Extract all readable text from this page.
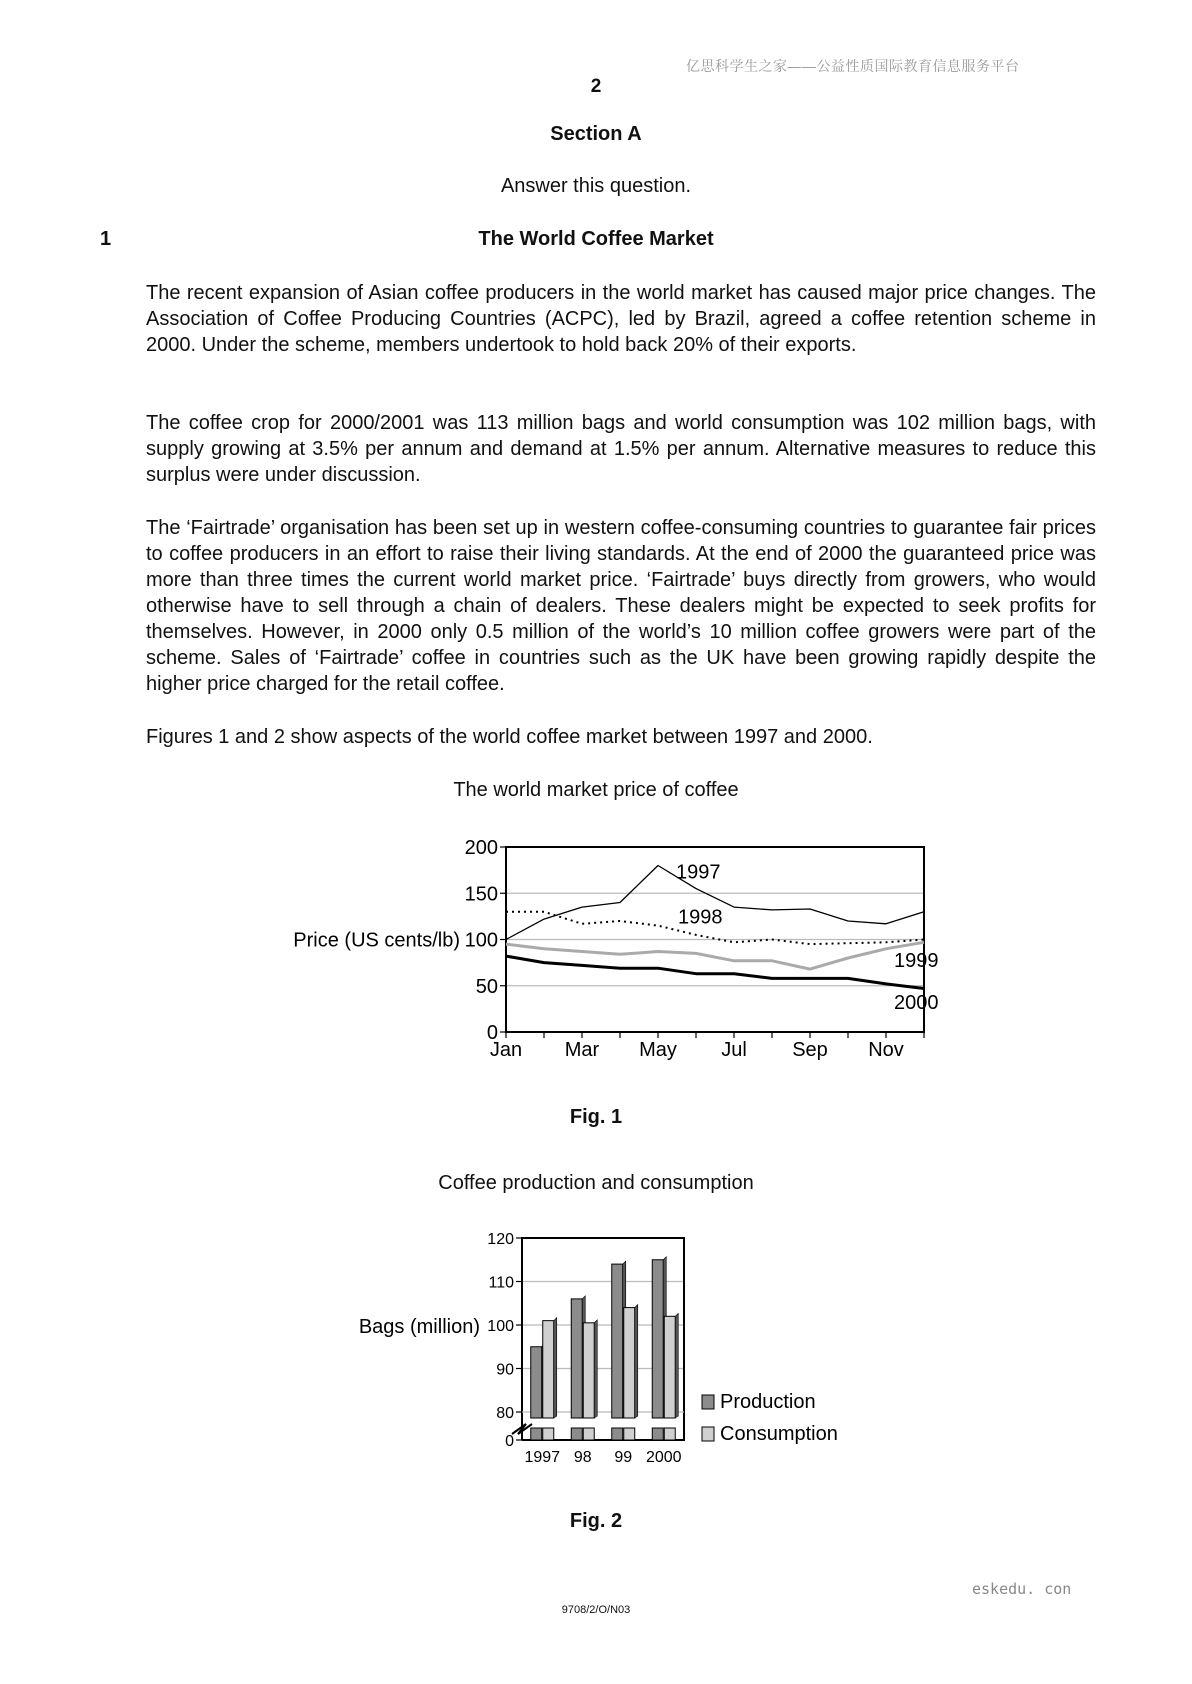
亿思科学生之家——公益性质国际教育信息服务平台
2
Section A
Answer this question.
1	The World Coffee Market
The recent expansion of Asian coffee producers in the world market has caused major price changes. The Association of Coffee Producing Countries (ACPC), led by Brazil, agreed a coffee retention scheme in 2000. Under the scheme, members undertook to hold back 20% of their exports.
The coffee crop for 2000/2001 was 113 million bags and world consumption was 102 million bags, with supply growing at 3.5% per annum and demand at 1.5% per annum. Alternative measures to reduce this surplus were under discussion.
The ‘Fairtrade’ organisation has been set up in western coffee-consuming countries to guarantee fair prices to coffee producers in an effort to raise their living standards. At the end of 2000 the guaranteed price was more than three times the current world market price. ‘Fairtrade’ buys directly from growers, who would otherwise have to sell through a chain of dealers. These dealers might be expected to seek profits for themselves. However, in 2000 only 0.5 million of the world’s 10 million coffee growers were part of the scheme. Sales of ‘Fairtrade’ coffee in countries such as the UK have been growing rapidly despite the higher price charged for the retail coffee.
Figures 1 and 2 show aspects of the world coffee market between 1997 and 2000.
The world market price of coffee
0
50
100
150
200
Jan Mar May Jul Sep Nov
Price (US cents/lb)
1997
1998
1999
2000
0
80
90
100
110
120
Bags (million)
1997 98 99 2000
Production
Consumption
Fig. 1
Coffee production and consumption
Fig. 2
eskedu. con
9708/2/O/N03
